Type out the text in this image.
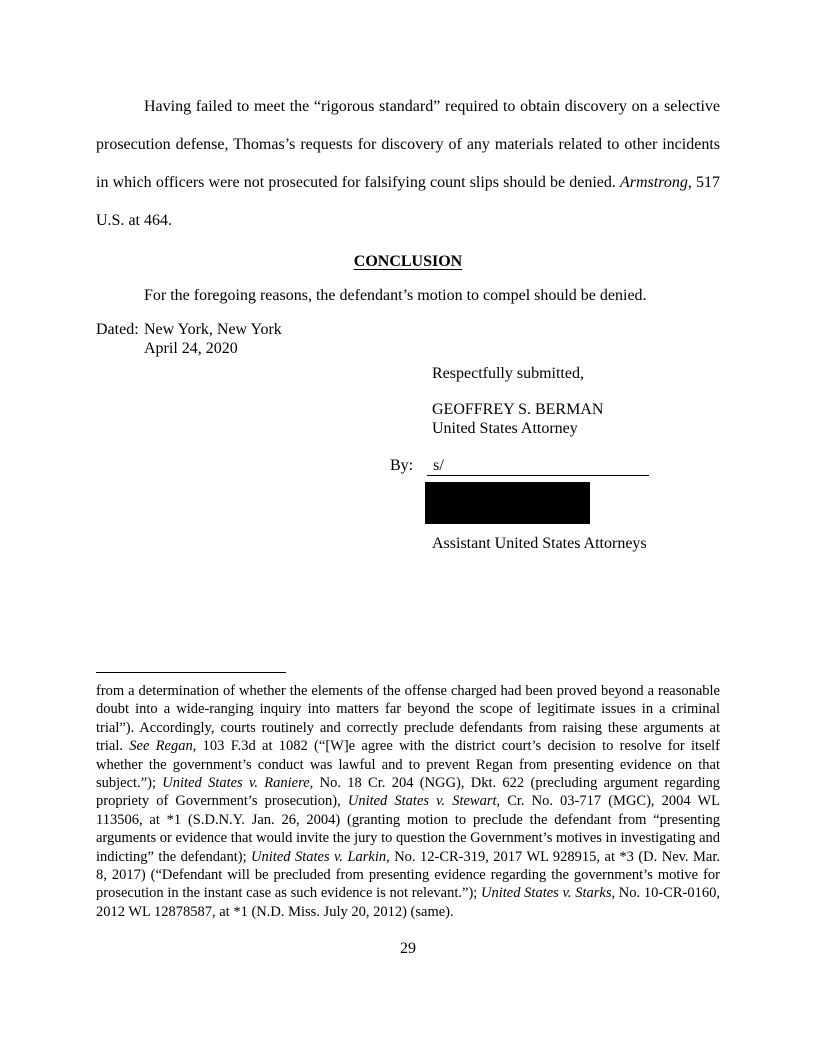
Having failed to meet the “rigorous standard” required to obtain discovery on a selective prosecution defense, Thomas’s requests for discovery of any materials related to other incidents in which officers were not prosecuted for falsifying count slips should be denied. Armstrong, 517 U.S. at 464.

CONCLUSION

For the foregoing reasons, the defendant’s motion to compel should be denied.

Dated: New York, New York
April 24, 2020
Respectfully submitted,
GEOFFREY S. BERMAN
United States Attorney
By: s/
Assistant United States Attorneys

from a determination of whether the elements of the offense charged had been proved beyond a reasonable doubt into a wide-ranging inquiry into matters far beyond the scope of legitimate issues in a criminal trial”). Accordingly, courts routinely and correctly preclude defendants from raising these arguments at trial. See Regan, 103 F.3d at 1082 (“[W]e agree with the district court’s decision to resolve for itself whether the government’s conduct was lawful and to prevent Regan from presenting evidence on that subject.”); United States v. Raniere, No. 18 Cr. 204 (NGG), Dkt. 622 (precluding argument regarding propriety of Government’s prosecution), United States v. Stewart, Cr. No. 03-717 (MGC), 2004 WL 113506, at *1 (S.D.N.Y. Jan. 26, 2004) (granting motion to preclude the defendant from “presenting arguments or evidence that would invite the jury to question the Government’s motives in investigating and indicting” the defendant); United States v. Larkin, No. 12-CR-319, 2017 WL 928915, at *3 (D. Nev. Mar. 8, 2017) (“Defendant will be precluded from presenting evidence regarding the government’s motive for prosecution in the instant case as such evidence is not relevant.”); United States v. Starks, No. 10-CR-0160, 2012 WL 12878587, at *1 (N.D. Miss. July 20, 2012) (same).

29
